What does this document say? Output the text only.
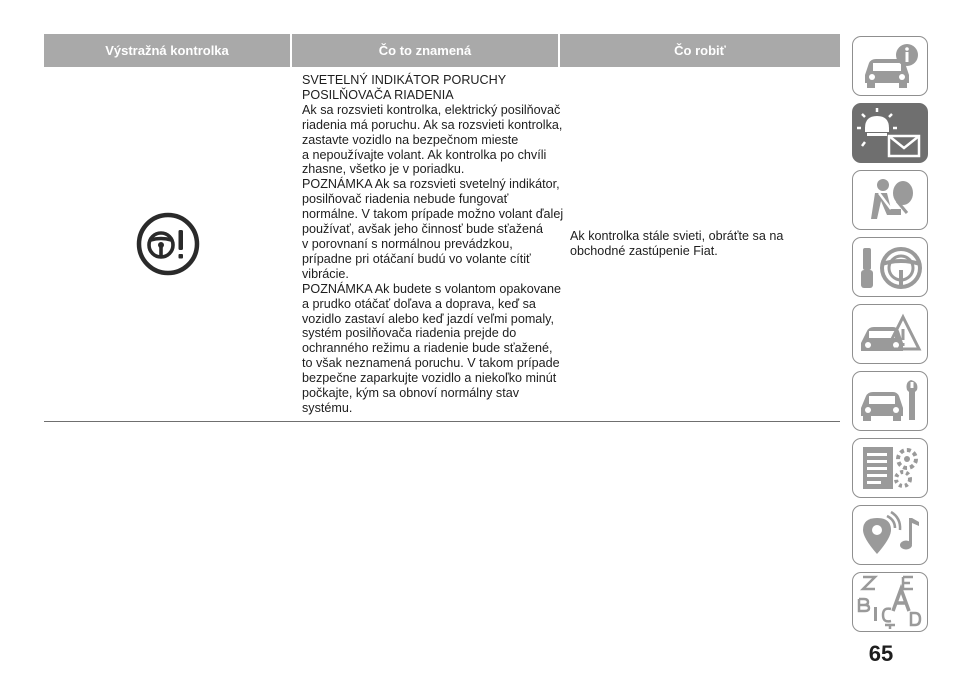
Výstražná kontrolka	Čo to znamená	Čo robiť
SVETELNÝ INDIKÁTOR PORUCHY
POSILŇOVAČA RIADENIA
Ak sa rozsvieti kontrolka, elektrický posilňovač
riadenia má poruchu. Ak sa rozsvieti kontrolka,
zastavte vozidlo na bezpečnom mieste
a nepoužívajte volant. Ak kontrolka po chvíli
zhasne, všetko je v poriadku.
POZNÁMKA Ak sa rozsvieti svetelný indikátor,
posilňovač riadenia nebude fungovať
normálne. V takom prípade možno volant ďalej
používať, avšak jeho činnosť bude sťažená
v porovnaní s normálnou prevádzkou,
prípadne pri otáčaní budú vo volante cítiť
vibrácie.
POZNÁMKA Ak budete s volantom opakovane
a prudko otáčať doľava a doprava, keď sa
vozidlo zastaví alebo keď jazdí veľmi pomaly,
systém posilňovača riadenia prejde do
ochranného režimu a riadenie bude sťažené,
to však neznamená poruchu. V takom prípade
bezpečne zaparkujte vozidlo a niekoľko minút
počkajte, kým sa obnoví normálny stav
systému.
Ak kontrolka stále svieti, obráťte sa na
obchodné zastúpenie Fiat.
65
